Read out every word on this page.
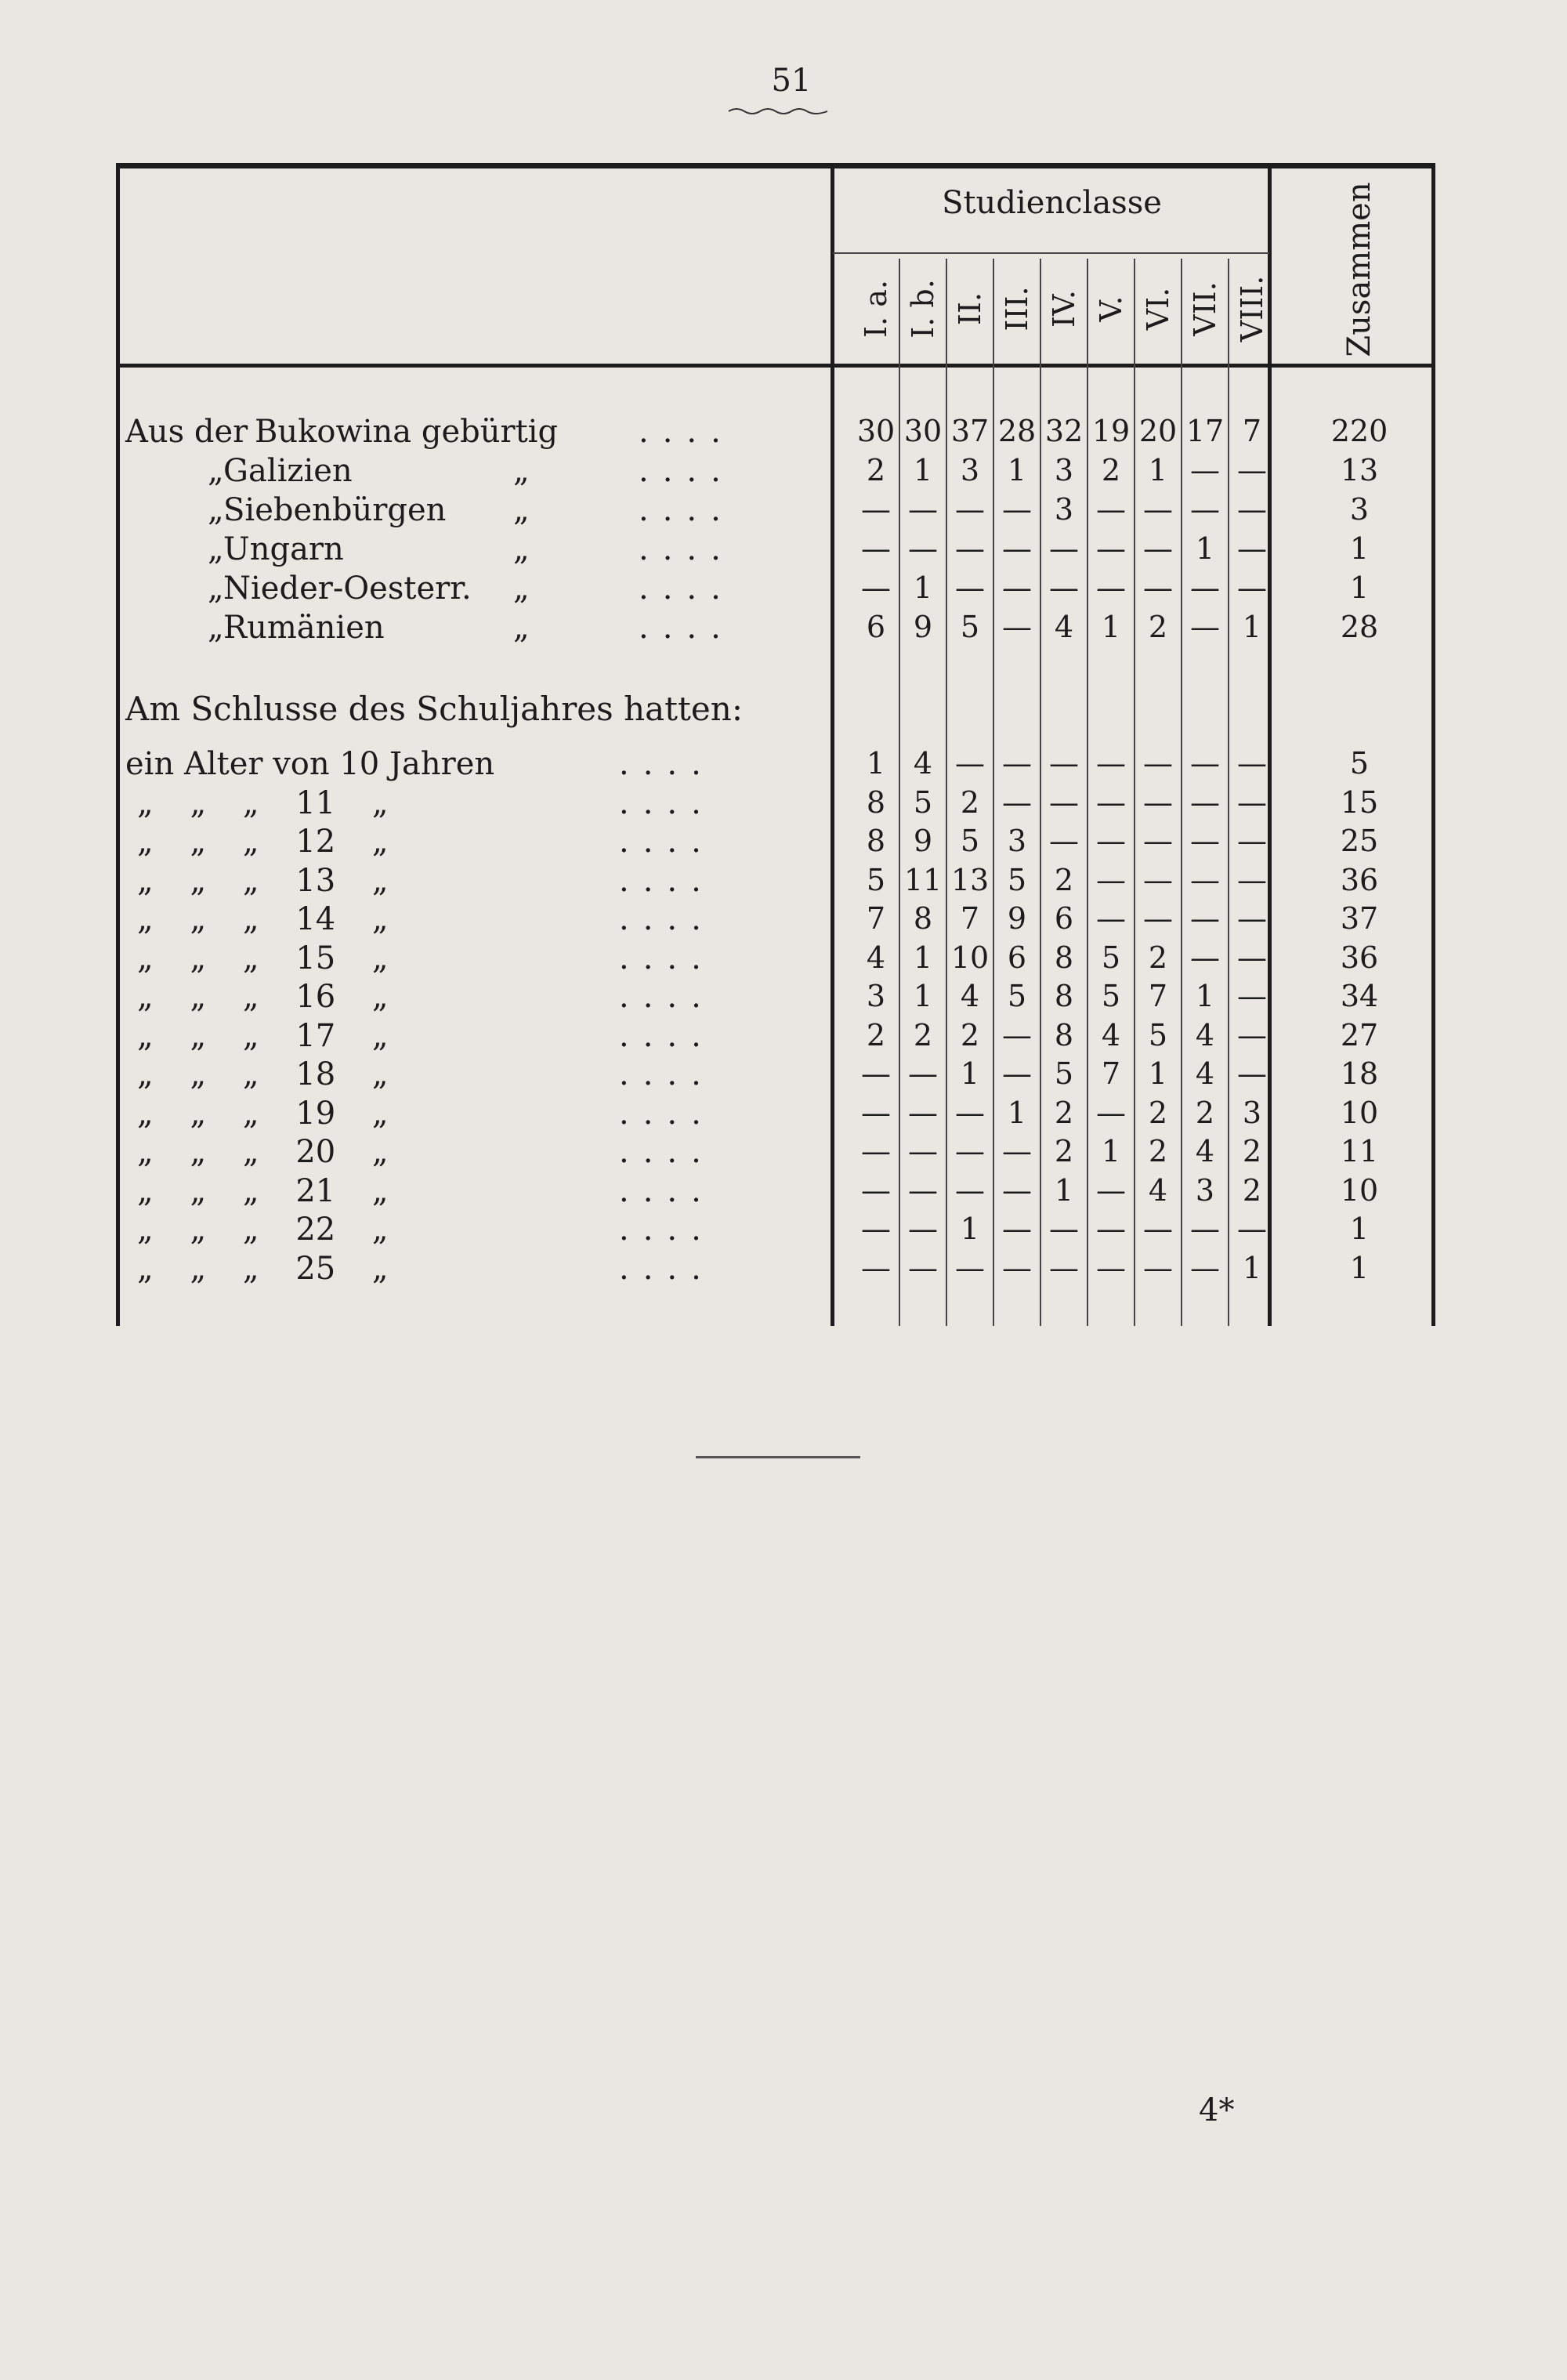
51
Studienclasse
I. a. I. b. II. III. IV. V. VI. VII. VIII. Zusammen
Aus der Bukowina gebürtig	....	30 30 37 28 32 19 20 17 7	220
„ Galizien	„	....	2 1 3 1 3 2 1 — —	13
„ Siebenbürgen „	....	— — — — 3 — — — —	3
„ Ungarn	„	....	— — — — — — — 1 —	1
„ Nieder-Oesterr. „	....	— 1 — — — — — — —	1
„ Rumänien	„	....	6 9 5 — 4 1 2 — 1	28
Am Schlusse des Schuljahres hatten:
ein Alter von 10 Jahren	....	1 4 — — — — — — —	5
„ „ „ 11 „	....	8 5 2 — — — — — —	15
„ „ „ 12 „	....	8 9 5 3 — — — — —	25
„ „ „ 13 „	....	5 11 13 5 2 — — — —	36
„ „ „ 14 „	....	7 8 7 9 6 — — — —	37
„ „ „ 15 „	....	4 1 10 6 8 5 2 — —	36
„ „ „ 16 „	....	3 1 4 5 8 5 7 1 —	34
„ „ „ 17 „	....	2 2 2 — 8 4 5 4 —	27
„ „ „ 18 „	....	— — 1 — 5 7 1 4 —	18
„ „ „ 19 „	....	— — — 1 2 — 2 2 3	10
„ „ „ 20 „	....	— — — — 2 1 2 4 2	11
„ „ „ 21 „	....	— — — — 1 — 4 3 2	10
„ „ „ 22 „	....	— — 1 — — — — — —	1
„ „ „ 25 „	....	— — — — — — — — 1	1
4*
